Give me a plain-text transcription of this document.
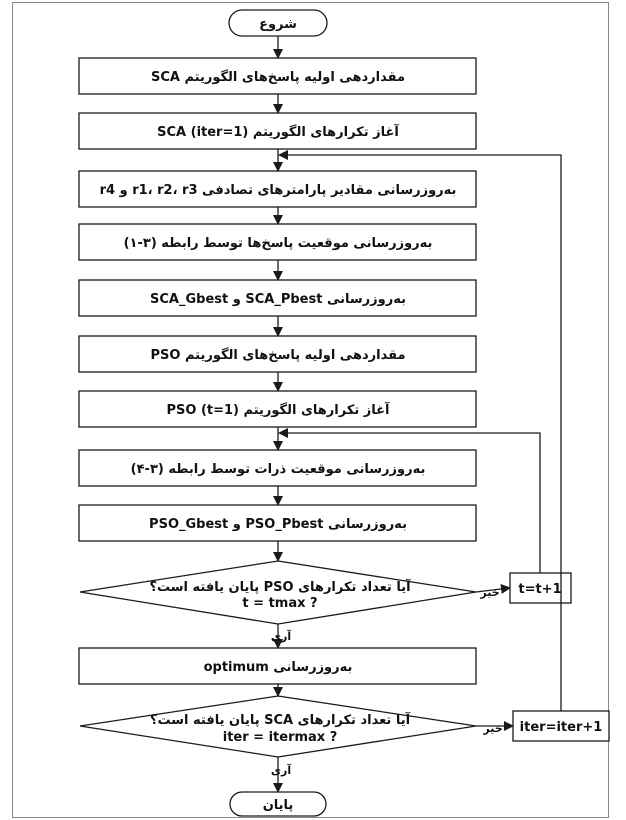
شروع
مقداردهی اولیه پاسخ‌های الگوریتم SCA
آغاز تکرارهای الگوریتم SCA (iter=1)
به‌روزرسانی مقادیر پارامترهای تصادفی r1، r2، r3 و r4
به‌روزرسانی موقعیت پاسخ‌ها توسط رابطه (۳-۱)
به‌روزرسانی SCA_Pbest و SCA_Gbest
مقداردهی اولیه پاسخ‌های الگوریتم PSO
آغاز تکرارهای الگوریتم PSO (t=1)
به‌روزرسانی موقعیت ذرات توسط رابطه (۳-۴)
به‌روزرسانی PSO_Pbest و PSO_Gbest
آیا تعداد تکرارهای PSO پایان یافته است؟
t = tmax ?
به‌روزرسانی optimum
آیا تعداد تکرارهای SCA پایان یافته است؟
iter = itermax ?
پایان
t=t+1
iter=iter+1
خیر
آری
خیر
آری
